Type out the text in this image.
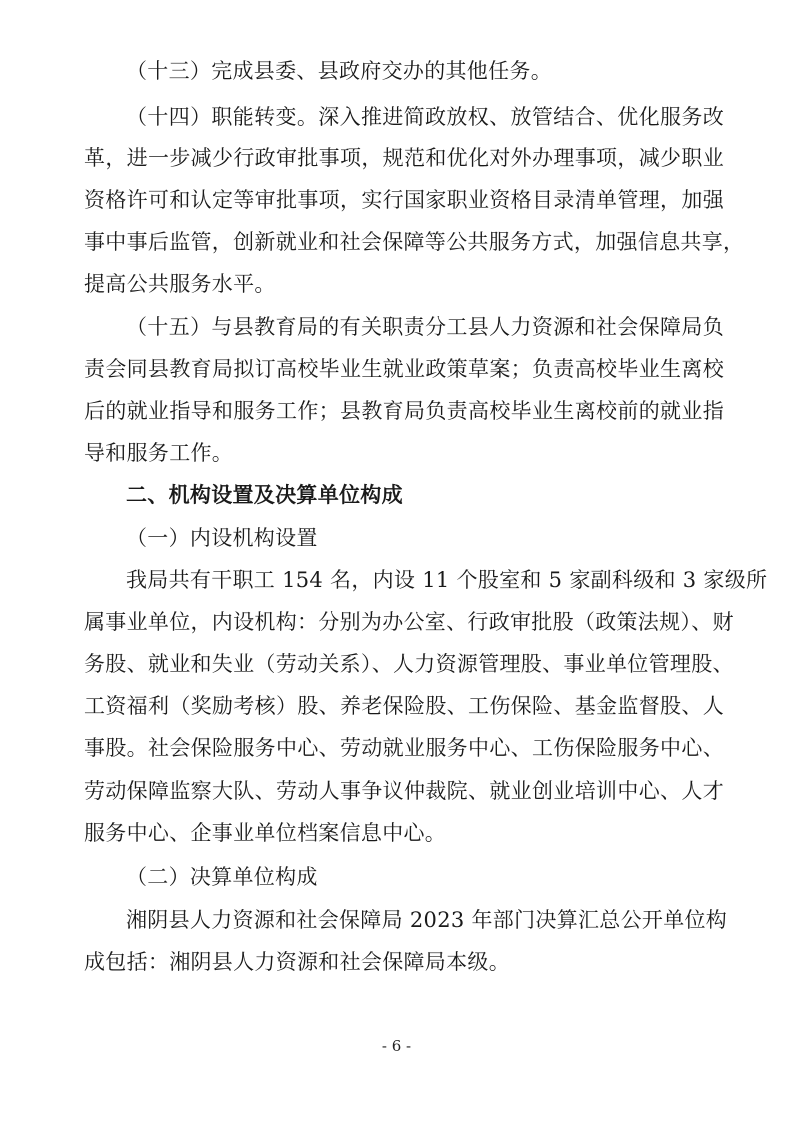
（十三）完成县委、县政府交办的其他任务。
（十四）职能转变。深入推进简政放权、放管结合、优化服务改
革，进一步减少行政审批事项，规范和优化对外办理事项，减少职业
资格许可和认定等审批事项，实行国家职业资格目录清单管理，加强
事中事后监管，创新就业和社会保障等公共服务方式，加强信息共享，
提高公共服务水平。
（十五）与县教育局的有关职责分工县人力资源和社会保障局负
责会同县教育局拟订高校毕业生就业政策草案；负责高校毕业生离校
后的就业指导和服务工作；县教育局负责高校毕业生离校前的就业指
导和服务工作。
二、机构设置及决算单位构成
（一）内设机构设置
我局共有干职工 154 名，内设 11 个股室和 5 家副科级和 3 家级所
属事业单位，内设机构：分别为办公室、行政审批股（政策法规）、财
务股、就业和失业（劳动关系）、人力资源管理股、事业单位管理股、
工资福利（奖励考核）股、养老保险股、工伤保险、基金监督股、人
事股。社会保险服务中心、劳动就业服务中心、工伤保险服务中心、
劳动保障监察大队、劳动人事争议仲裁院、就业创业培训中心、人才
服务中心、企事业单位档案信息中心。
（二）决算单位构成
湘阴县人力资源和社会保障局 2023 年部门决算汇总公开单位构
成包括：湘阴县人力资源和社会保障局本级。
- 6 -
